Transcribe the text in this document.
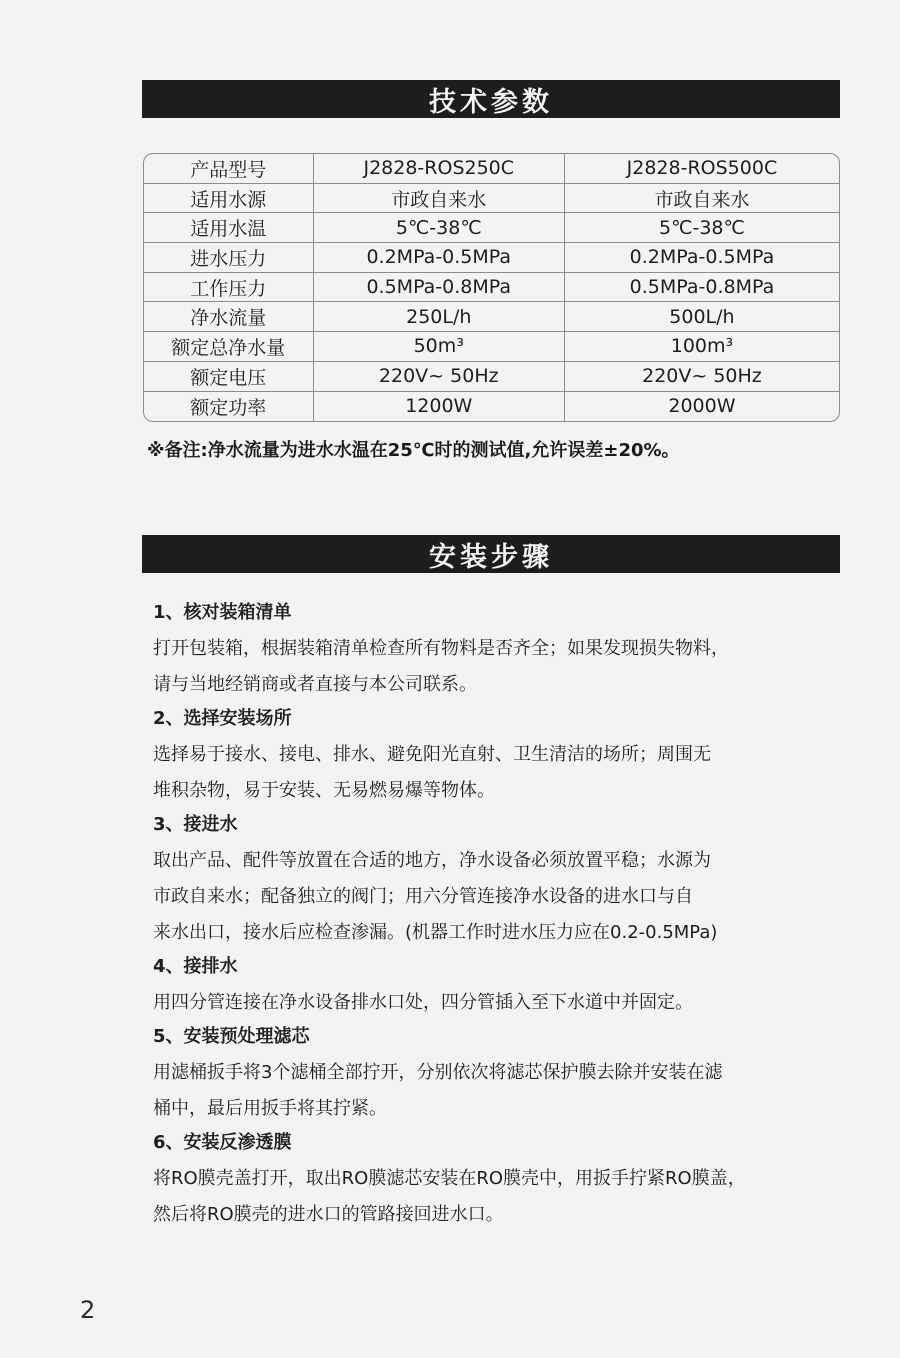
技术参数
产品型号	J2828-ROS250C	J2828-ROS500C
适用水源	市政自来水	市政自来水
适用水温	5℃-38℃	5℃-38℃
进水压力	0.2MPa-0.5MPa	0.2MPa-0.5MPa
工作压力	0.5MPa-0.8MPa	0.5MPa-0.8MPa
净水流量	250L/h	500L/h
额定总净水量	50m³	100m³
额定电压	220V~ 50Hz	220V~ 50Hz
额定功率	1200W	2000W
※备注:净水流量为进水水温在25℃时的测试值,允许误差±20%。
安装步骤
1、核对装箱清单
打开包装箱，根据装箱清单检查所有物料是否齐全；如果发现损失物料，
请与当地经销商或者直接与本公司联系。
2、选择安装场所
选择易于接水、接电、排水、避免阳光直射、卫生清洁的场所；周围无
堆积杂物，易于安装、无易燃易爆等物体。
3、接进水
取出产品、配件等放置在合适的地方，净水设备必须放置平稳；水源为
市政自来水；配备独立的阀门；用六分管连接净水设备的进水口与自
来水出口，接水后应检查渗漏。(机器工作时进水压力应在0.2-0.5MPa)
4、接排水
用四分管连接在净水设备排水口处，四分管插入至下水道中并固定。
5、安装预处理滤芯
用滤桶扳手将3个滤桶全部拧开，分别依次将滤芯保护膜去除并安装在滤
桶中，最后用扳手将其拧紧。
6、安装反渗透膜
将RO膜壳盖打开，取出RO膜滤芯安装在RO膜壳中，用扳手拧紧RO膜盖，
然后将RO膜壳的进水口的管路接回进水口。
2
